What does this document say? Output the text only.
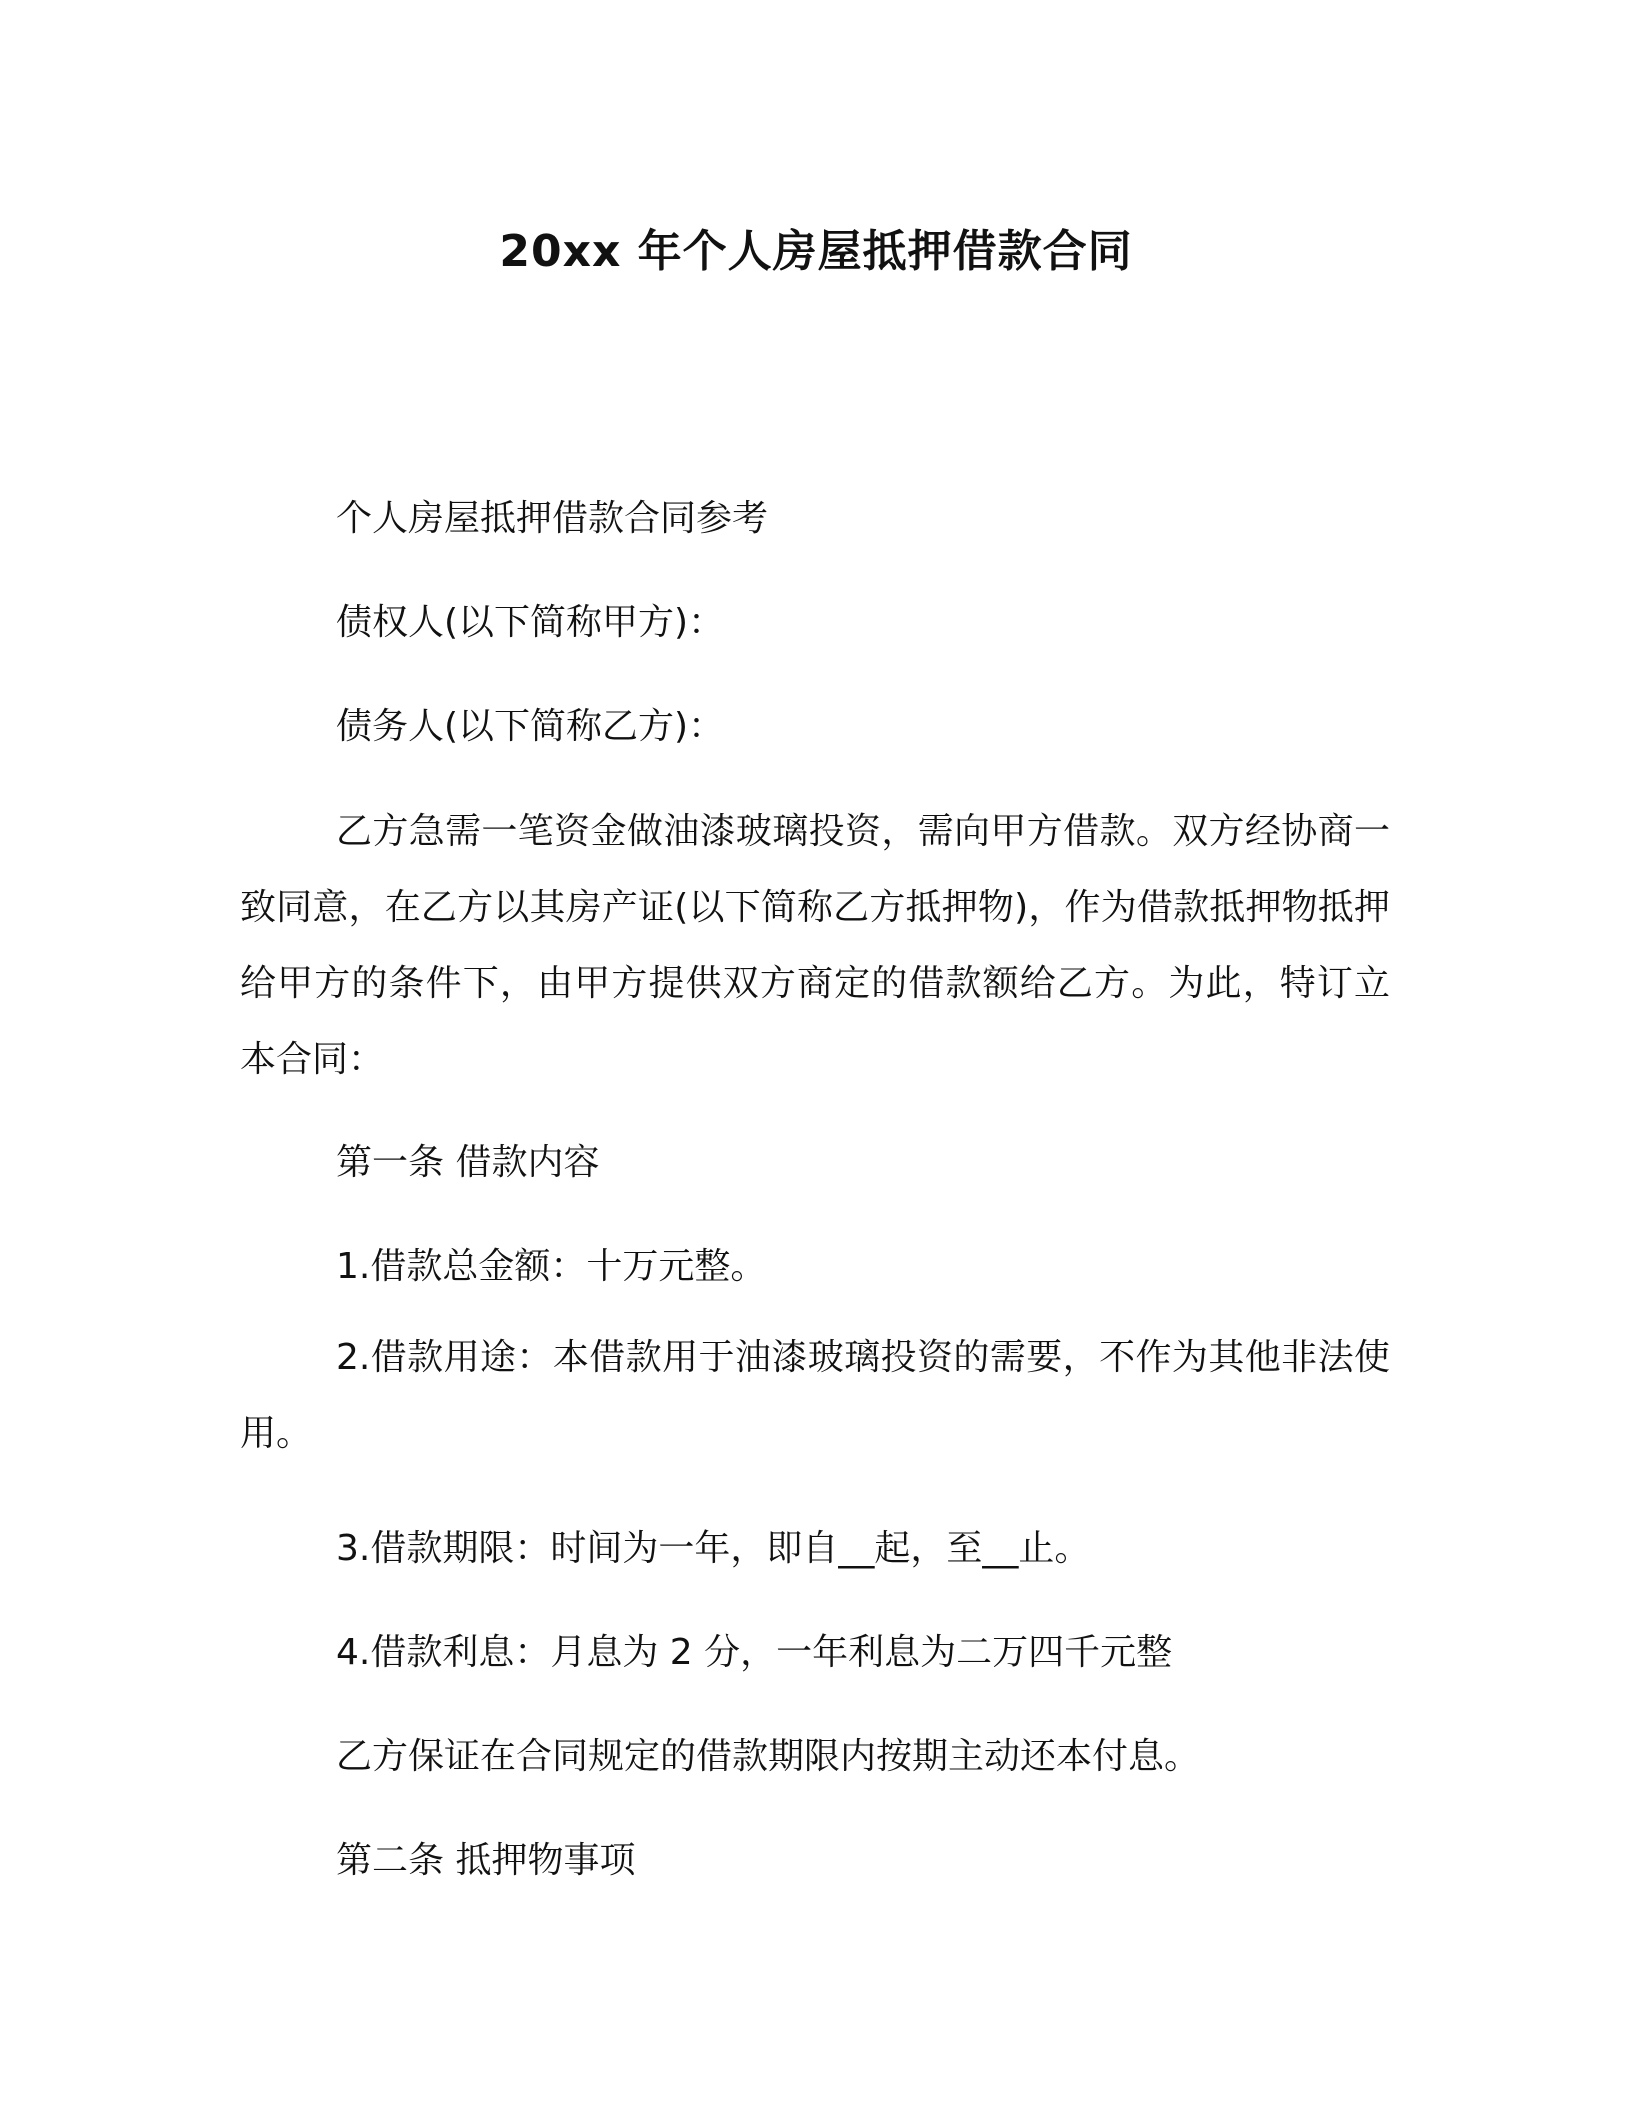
20xx 年个人房屋抵押借款合同
个人房屋抵押借款合同参考
债权人(以下简称甲方)：
债务人(以下简称乙方)：

乙方急需一笔资金做油漆玻璃投资，需向甲方借款。双方经协商一致同意，在乙方以其房产证(以下简称乙方抵押物)，作为借款抵押物抵押给甲方的条件下，由甲方提供双方商定的借款额给乙方。为此，特订立本合同：

第一条 借款内容
1.借款总金额：十万元整。

2.借款用途：本借款用于油漆玻璃投资的需要，不作为其他非法使用。

3.借款期限：时间为一年，即自__起，至__止。
4.借款利息：月息为 2 分，一年利息为二万四千元整
乙方保证在合同规定的借款期限内按期主动还本付息。
第二条 抵押物事项
